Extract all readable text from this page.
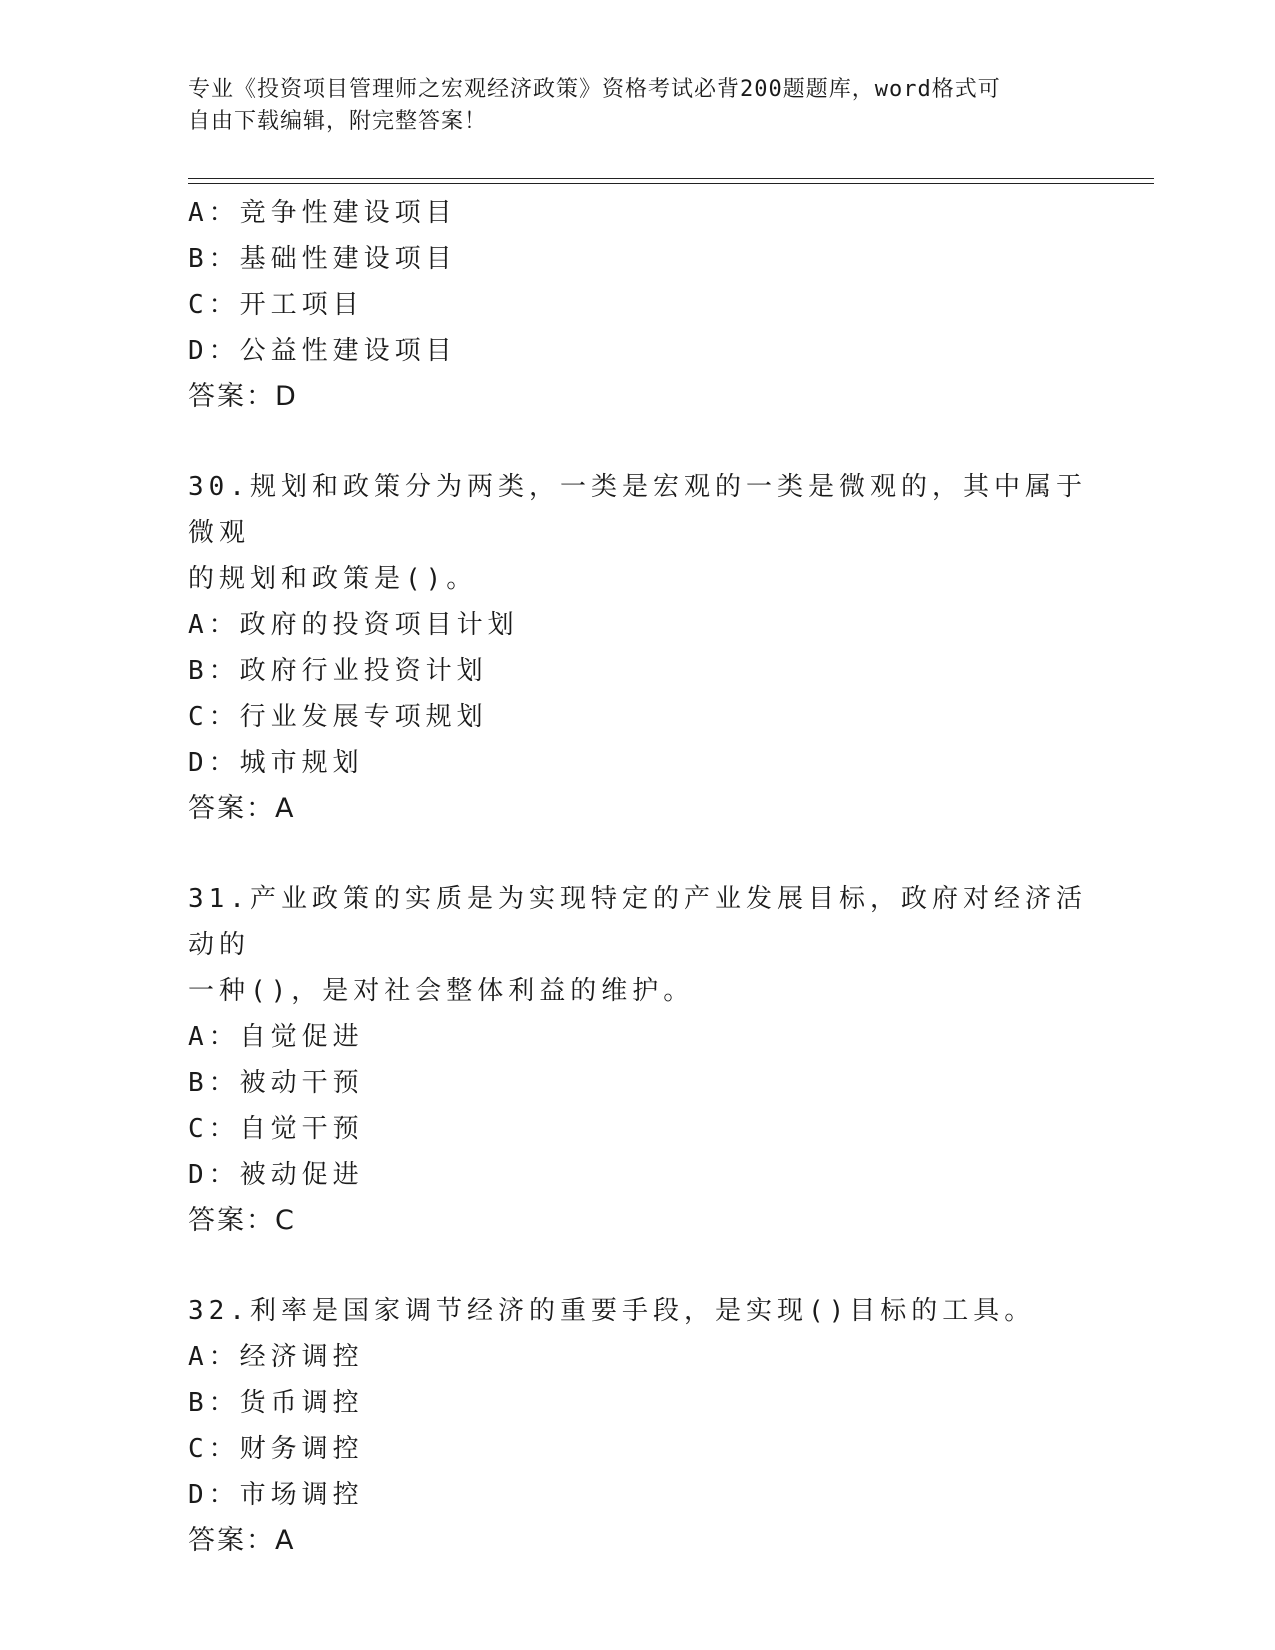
专业《投资项目管理师之宏观经济政策》资格考试必背200题题库，word格式可
自由下载编辑，附完整答案！
A：竞争性建设项目
B：基础性建设项目
C：开工项目
D：公益性建设项目
答案：D
30.规划和政策分为两类，一类是宏观的一类是微观的，其中属于微观
的规划和政策是()。
A：政府的投资项目计划
B：政府行业投资计划
C：行业发展专项规划
D：城市规划
答案：A
31.产业政策的实质是为实现特定的产业发展目标，政府对经济活动的
一种()，是对社会整体利益的维护。
A：自觉促进
B：被动干预
C：自觉干预
D：被动促进
答案：C
32.利率是国家调节经济的重要手段，是实现()目标的工具。
A：经济调控
B：货币调控
C：财务调控
D：市场调控
答案：A
